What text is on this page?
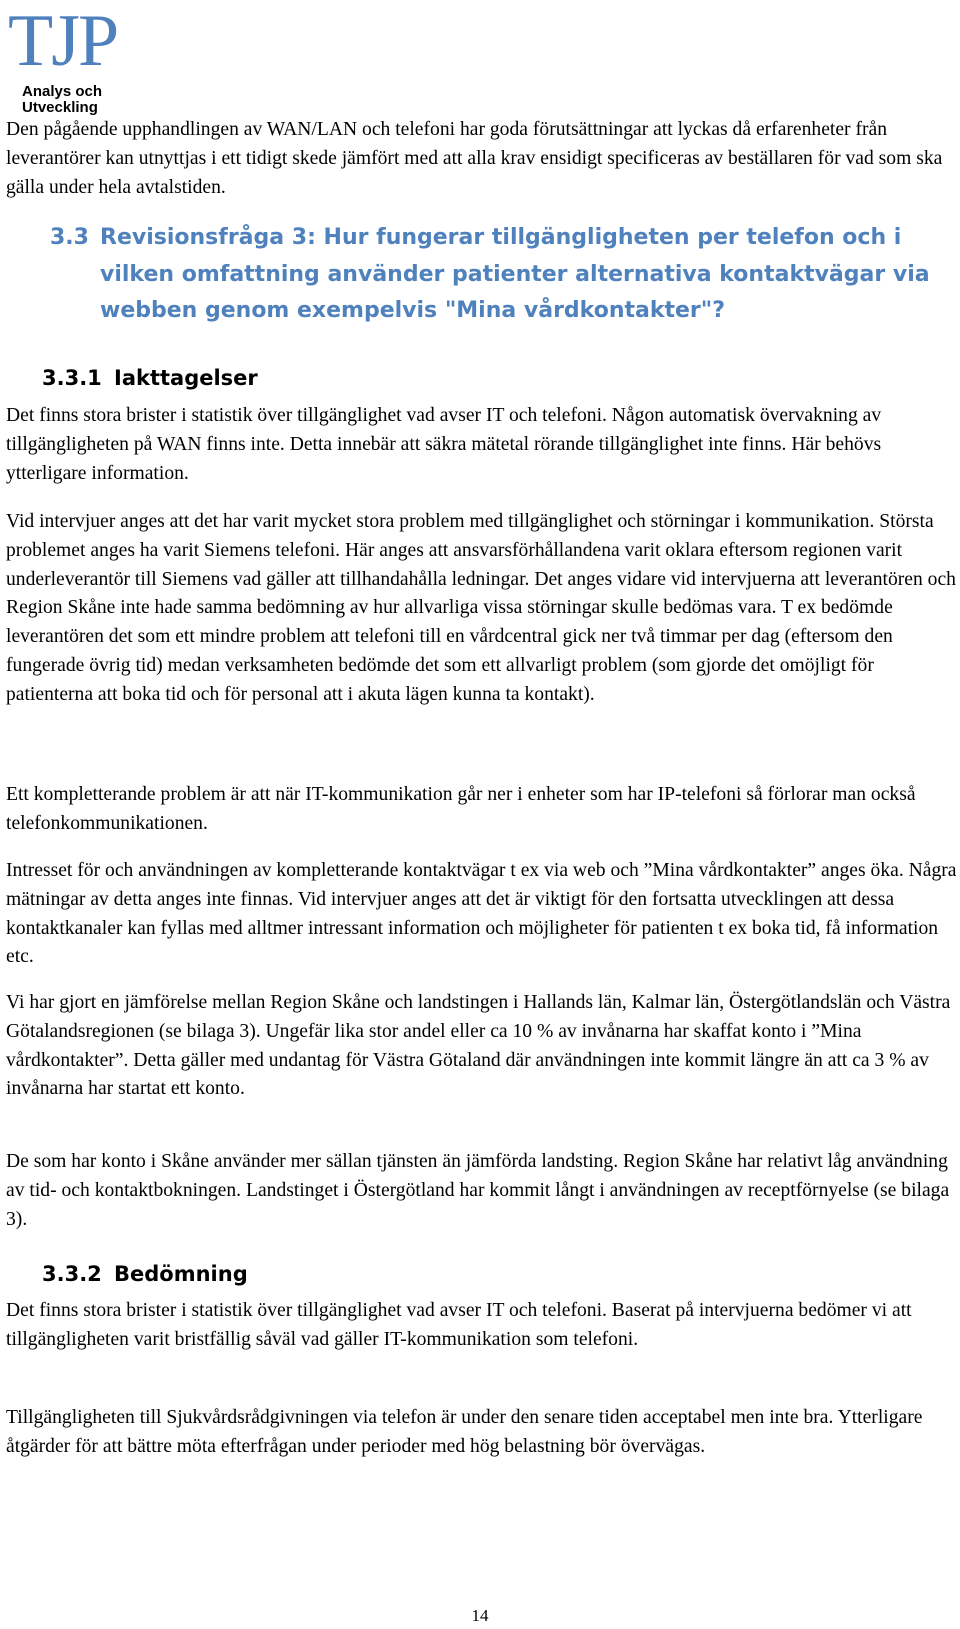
TJP
Analys och
Utveckling

Den pågående upphandlingen av WAN/LAN och telefoni har goda förutsättningar att lyckas då erfarenheter från leverantörer kan utnyttjas i ett tidigt skede jämfört med att alla krav ensidigt specificeras av beställaren för vad som ska gälla under hela avtalstiden.

3.3 Revisionsfråga 3: Hur fungerar tillgängligheten per telefon och i vilken omfattning använder patienter alternativa kontaktvägar via webben genom exempelvis "Mina vårdkontakter"?
3.3.1 Iakttagelser

Det finns stora brister i statistik över tillgänglighet vad avser IT och telefoni. Någon automatisk övervakning av tillgängligheten på WAN finns inte. Detta innebär att säkra mätetal rörande tillgänglighet inte finns. Här behövs ytterligare information.

Vid intervjuer anges att det har varit mycket stora problem med tillgänglighet och störningar i kommunikation. Största problemet anges ha varit Siemens telefoni. Här anges att ansvarsförhållandena varit oklara eftersom regionen varit underleverantör till Siemens vad gäller att tillhandahålla ledningar. Det anges vidare vid intervjuerna att leverantören och Region Skåne inte hade samma bedömning av hur allvarliga vissa störningar skulle bedömas vara. T ex bedömde leverantören det som ett mindre problem att telefoni till en vårdcentral gick ner två timmar per dag (eftersom den fungerade övrig tid) medan verksamheten bedömde det som ett allvarligt problem (som gjorde det omöjligt för patienterna att boka tid och för personal att i akuta lägen kunna ta kontakt).

Ett kompletterande problem är att när IT-kommunikation går ner i enheter som har IP-telefoni så förlorar man också telefonkommunikationen.

Intresset för och användningen av kompletterande kontaktvägar t ex via web och ”Mina vårdkontakter” anges öka. Några mätningar av detta anges inte finnas. Vid intervjuer anges att det är viktigt för den fortsatta utvecklingen att dessa kontaktkanaler kan fyllas med alltmer intressant information och möjligheter för patienten t ex boka tid, få information etc.

Vi har gjort en jämförelse mellan Region Skåne och landstingen i Hallands län, Kalmar län, Östergötlandslän och Västra Götalandsregionen (se bilaga 3). Ungefär lika stor andel eller ca 10 % av invånarna har skaffat konto i ”Mina vårdkontakter”. Detta gäller med undantag för Västra Götaland där användningen inte kommit längre än att ca 3 % av invånarna har startat ett konto.

De som har konto i Skåne använder mer sällan tjänsten än jämförda landsting. Region Skåne har relativt låg användning av tid- och kontaktbokningen. Landstinget i Östergötland har kommit långt i användningen av receptförnyelse (se bilaga 3).

3.3.2 Bedömning

Det finns stora brister i statistik över tillgänglighet vad avser IT och telefoni. Baserat på intervjuerna bedömer vi att tillgängligheten varit bristfällig såväl vad gäller IT-kommunikation som telefoni.

Tillgängligheten till Sjukvårdsrådgivningen via telefon är under den senare tiden acceptabel men inte bra. Ytterligare åtgärder för att bättre möta efterfrågan under perioder med hög belastning bör övervägas.

14
